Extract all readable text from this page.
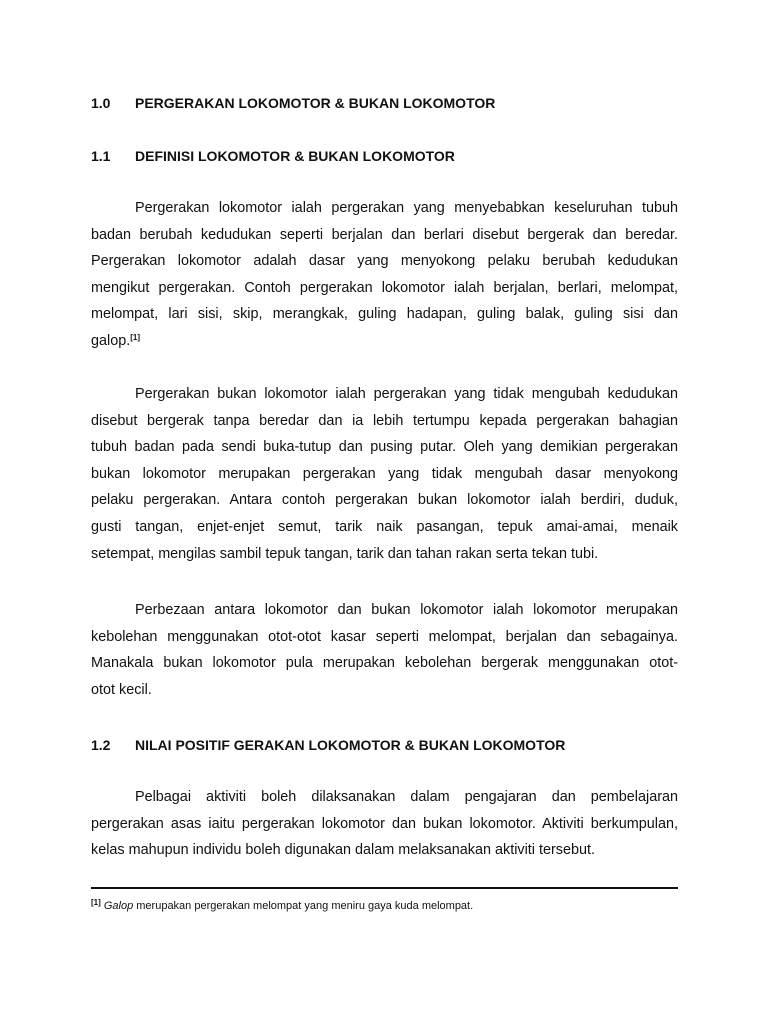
1.0 PERGERAKAN LOKOMOTOR & BUKAN LOKOMOTOR
1.1 DEFINISI LOKOMOTOR & BUKAN LOKOMOTOR
Pergerakan lokomotor ialah pergerakan yang menyebabkan keseluruhan tubuh
badan berubah kedudukan seperti berjalan dan berlari disebut bergerak dan beredar.
Pergerakan lokomotor adalah dasar yang menyokong pelaku berubah kedudukan
mengikut pergerakan. Contoh pergerakan lokomotor ialah berjalan, berlari, melompat,
melompat, lari sisi, skip, merangkak, guling hadapan, guling balak, guling sisi dan
galop.[1]
Pergerakan bukan lokomotor ialah pergerakan yang tidak mengubah kedudukan
disebut bergerak tanpa beredar dan ia lebih tertumpu kepada pergerakan bahagian
tubuh badan pada sendi buka-tutup dan pusing putar. Oleh yang demikian pergerakan
bukan lokomotor merupakan pergerakan yang tidak mengubah dasar menyokong
pelaku pergerakan. Antara contoh pergerakan bukan lokomotor ialah berdiri, duduk,
gusti tangan, enjet-enjet semut, tarik naik pasangan, tepuk amai-amai, menaik
setempat, mengilas sambil tepuk tangan, tarik dan tahan rakan serta tekan tubi.
Perbezaan antara lokomotor dan bukan lokomotor ialah lokomotor merupakan
kebolehan menggunakan otot-otot kasar seperti melompat, berjalan dan sebagainya.
Manakala bukan lokomotor pula merupakan kebolehan bergerak menggunakan otot-
otot kecil.
1.2 NILAI POSITIF GERAKAN LOKOMOTOR & BUKAN LOKOMOTOR
Pelbagai aktiviti boleh dilaksanakan dalam pengajaran dan pembelajaran
pergerakan asas iaitu pergerakan lokomotor dan bukan lokomotor. Aktiviti berkumpulan,
kelas mahupun individu boleh digunakan dalam melaksanakan aktiviti tersebut.
[1] Galop merupakan pergerakan melompat yang meniru gaya kuda melompat.
